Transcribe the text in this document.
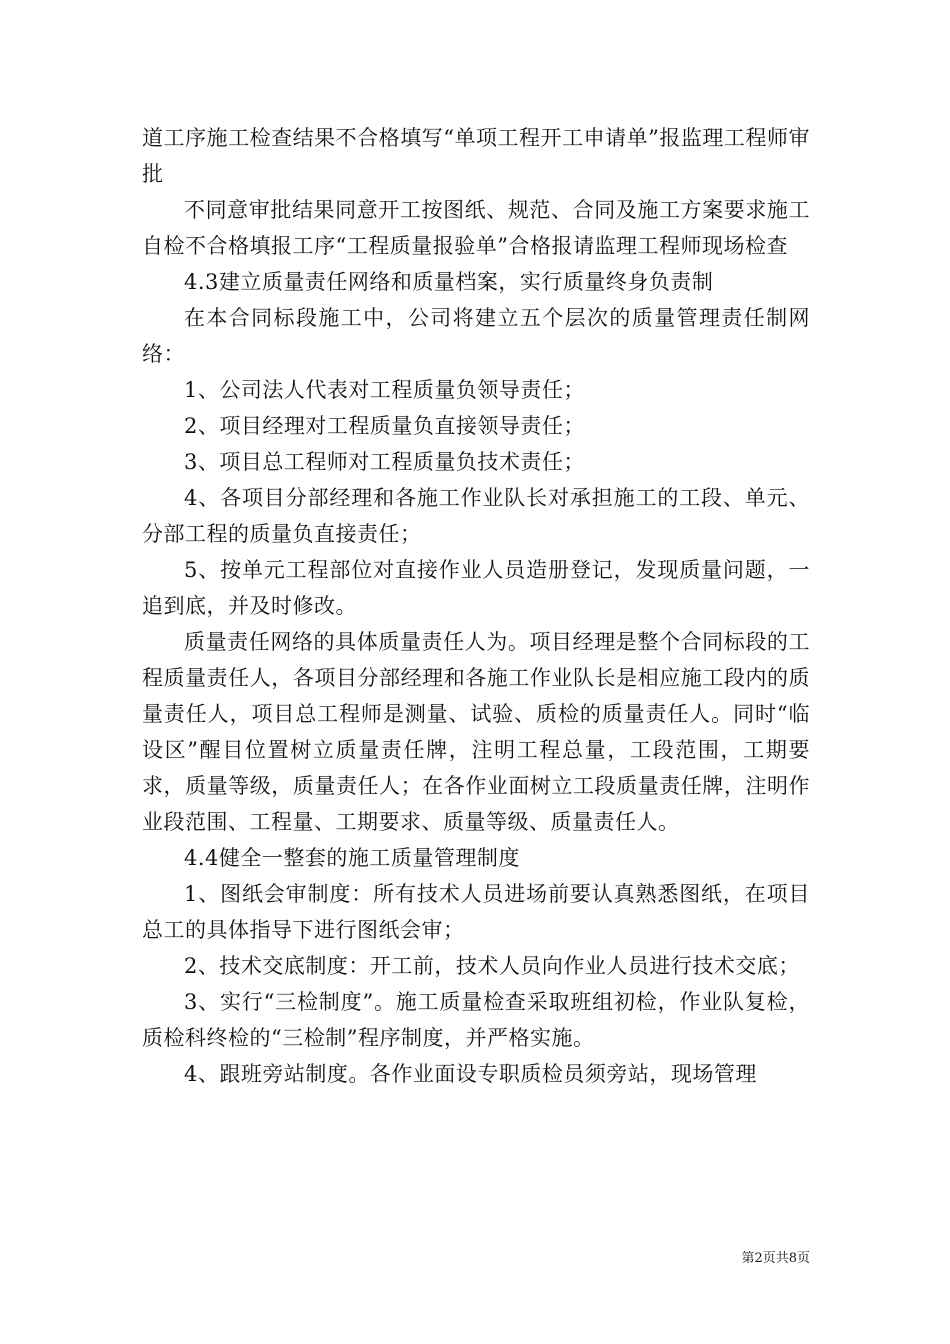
道工序施工检查结果不合格填写“单项工程开工申请单”报监理工程师审批

不同意审批结果同意开工按图纸、规范、合同及施工方案要求施工自检不合格填报工序“工程质量报验单”合格报请监理工程师现场检查

4.3建立质量责任网络和质量档案，实行质量终身负责制

在本合同标段施工中，公司将建立五个层次的质量管理责任制网络：

1、公司法人代表对工程质量负领导责任；

2、项目经理对工程质量负直接领导责任；

3、项目总工程师对工程质量负技术责任；

4、各项目分部经理和各施工作业队长对承担施工的工段、单元、分部工程的质量负直接责任；

5、按单元工程部位对直接作业人员造册登记，发现质量问题，一追到底，并及时修改。

质量责任网络的具体质量责任人为。项目经理是整个合同标段的工程质量责任人，各项目分部经理和各施工作业队长是相应施工段内的质量责任人，项目总工程师是测量、试验、质检的质量责任人。同时“临设区”醒目位置树立质量责任牌，注明工程总量，工段范围，工期要求，质量等级，质量责任人；在各作业面树立工段质量责任牌，注明作业段范围、工程量、工期要求、质量等级、质量责任人。

4.4健全一整套的施工质量管理制度

1、图纸会审制度：所有技术人员进场前要认真熟悉图纸，在项目总工的具体指导下进行图纸会审；

2、技术交底制度：开工前，技术人员向作业人员进行技术交底；

3、实行“三检制度”。施工质量检查采取班组初检，作业队复检，质检科终检的“三检制”程序制度，并严格实施。

4、跟班旁站制度。各作业面设专职质检员须旁站，现场管理

第2页共8页
